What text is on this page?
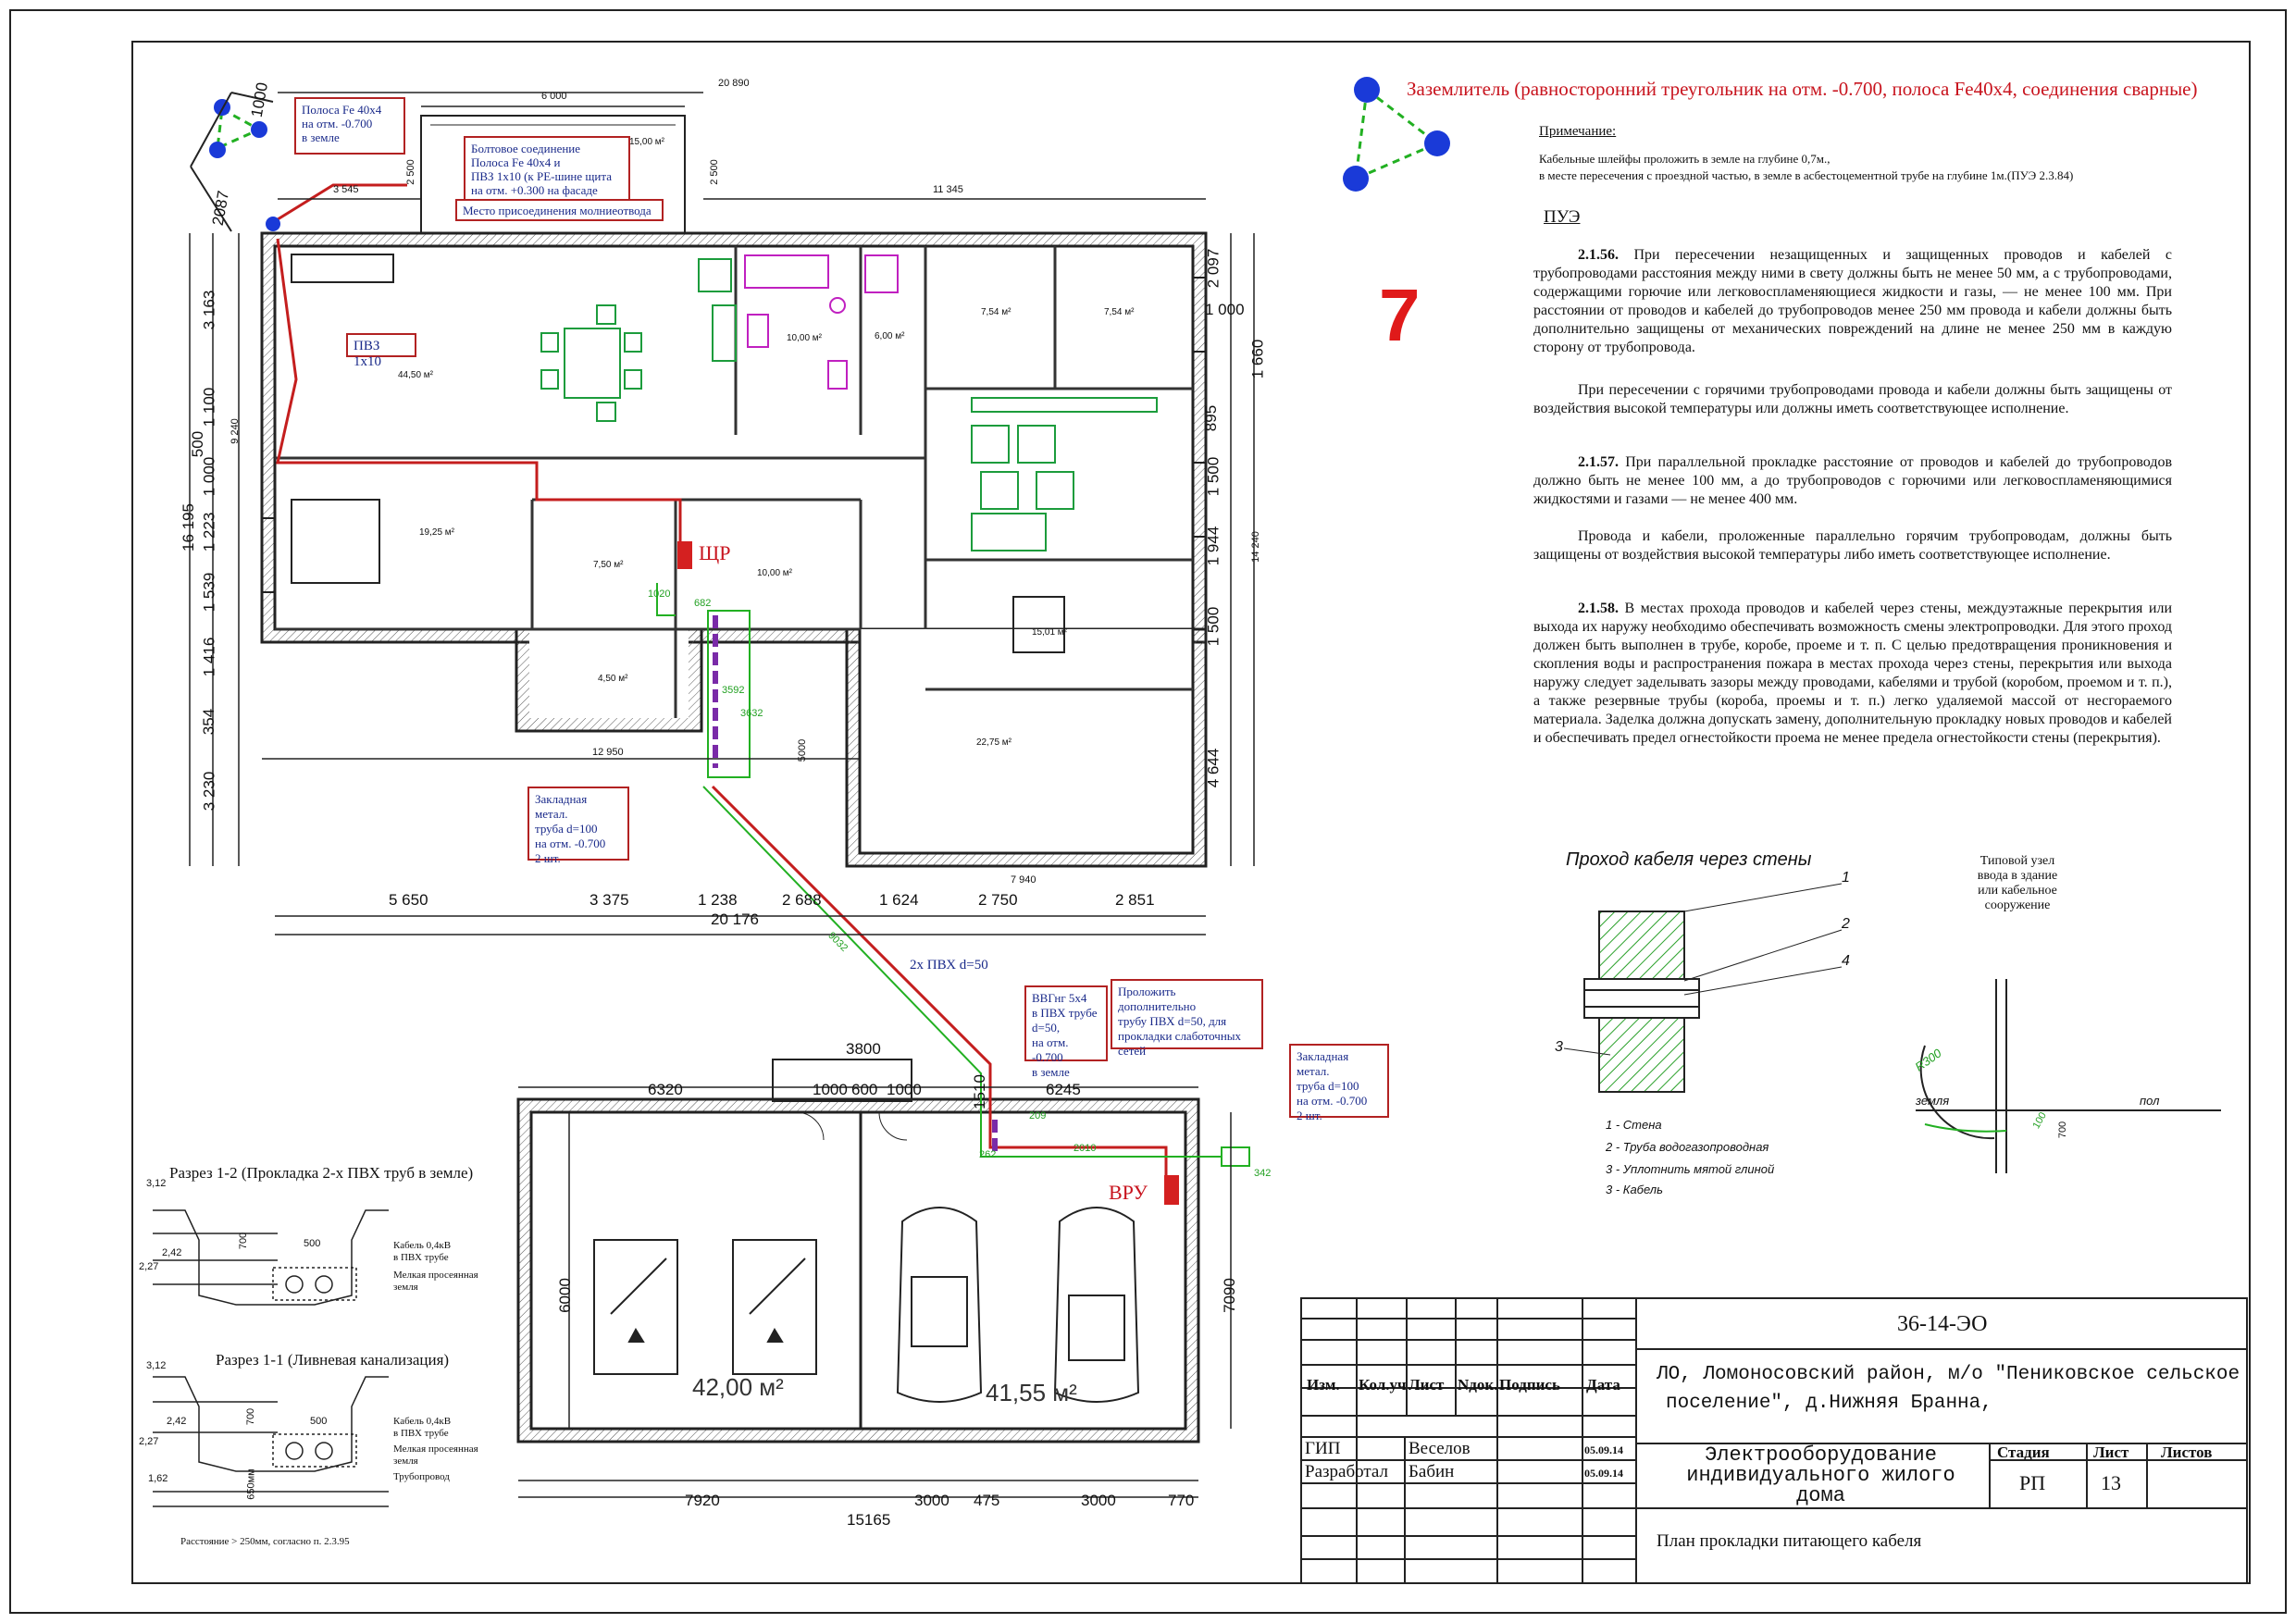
Заземлитель (равносторонний треугольник на отм. -0.700, полоса Fe40х4, соединения сварные)
7
Примечание:
Кабельные шлейфы проложить в земле на глубине 0,7м.,
в месте пересечения с проездной частью, в земле в асбестоцементной трубе на глубине 1м.(ПУЭ 2.3.84)
ПУЭ
2.1.56. При пересечении незащищенных и защищенных проводов и кабелей с трубопроводами расстояния между ними в свету должны быть не менее 50 мм, а с трубопроводами, содержащими горючие или легковоспламеняющиеся жидкости и газы, — не менее 100 мм. При расстоянии от проводов и кабелей до трубопроводов менее 250 мм провода и кабели должны быть дополнительно защищены от механических повреждений на длине не менее 250 мм в каждую сторону от трубопровода.
При пересечении с горячими трубопроводами провода и кабели должны быть защищены от воздействия высокой температуры или должны иметь соответствующее исполнение.
2.1.57. При параллельной прокладке расстояние от проводов и кабелей до трубопроводов должно быть не менее 100 мм, а до трубопроводов с горючими или легковоспламеняющимися жидкостями и газами — не менее 400 мм.
Провода и кабели, проложенные параллельно горячим трубопроводам, должны быть защищены от воздействия высокой температуры либо иметь соответствующее исполнение.
2.1.58. В местах прохода проводов и кабелей через стены, междуэтажные перекрытия или выхода их наружу необходимо обеспечивать возможность смены электропроводки. Для этого проход должен быть выполнен в трубе, коробе, проеме и т. п. С целью предотвращения проникновения и скопления воды и распространения пожара в местах прохода через стены, перекрытия или выхода наружу следует заделывать зазоры между проводами, кабелями и трубой (коробом, проемом и т. п.), а также резервные трубы (короба, проемы и т. п.) легко удаляемой массой от несгораемого материала. Заделка должна допускать замену, дополнительную прокладку новых проводов и кабелей и обеспечивать предел огнестойкости проема не менее предела огнестойкости стены (перекрытия).
Полоса Fe 40х4
на отм. -0.700
в земле
Болтовое соединение
Полоса Fe 40х4 и
ПВЗ 1х10 (к РЕ-шине щита
на отм. +0.300 на фасаде
Место присоединения молниеотвода
ПВЗ 1х10
Закладная метал.
труба d=100
на отм. -0.700
2 шт.
ВВГнг 5х4
в ПВХ трубе d=50,
на отм. -0.700
в земле
Проложить дополнительно
трубу ПВХ d=50, для
прокладки слаботочных
сетей	Закладная метал.
труба d=100
на отм. -0.700
2 шт.
2х ПВХ d=50
ЩР
ВРУ
44,50 м²
10,00 м²	6,00 м²
7,54 м²	7,54 м²
19,25 м²
7,50 м²
10,00 м²
15,01 м²
4,50 м²
22,75 м²
15,00 м²
42,00 м²	41,55 м²
20 890
6 000
3 545	11 345
2 500	2 500
16 195
3 163
1 100
500
1 000
1 223
1 539
1 416
354
3 230
9 240
2087
1000
2 097
1 000
1 660
895
1 500
1 944
1 500
4 644
14 240
5 650	3 375	1 238	2 688	1 624	2 750	2 851
20 176
7 940
12 950	5000
1020
682
3592
3632
9032
209
2010
342
262
3800
6320	1000 600 1000	6245
1510
6000	7090
7920	3000 475	3000	770
15165
Разрез 1-2 (Прокладка 2-х ПВХ труб в земле)
3,12
2,42
2,27
500
700	Кабель 0,4кВ
в ПВХ трубе
Мелкая просеянная
земля
Разрез 1-1 (Ливневая канализация)
3,12
2,42
2,27
1,62
500
700
650мм
Кабель 0,4кВ
в ПВХ трубе
Мелкая просеянная
земля
Трубопровод
Расстояние > 250мм, согласно п. 2.3.95
Проход кабеля через стены
1
2
3
4
1 - Стена
2 - Труба водогазопроводная
3 - Уплотнить мятой глиной
3 - Кабель
Типовой узел
ввода в здание
или кабельное
сооружение
R300
земля	пол
100 700
36-14-ЭО
Изм. Кол.уч Лист Nдок. Подпись Дата
ГИП	Веселов	05.09.14
Разработал Бабин	05.09.14
ЛО, Ломоносовский район, м/о "Пениковское сельское
поселение", д.Нижняя Бранна,
Электрооборудование
индивидуального жилого дома
Стадия	Лист Листов
РП	13
План прокладки питающего кабеля
